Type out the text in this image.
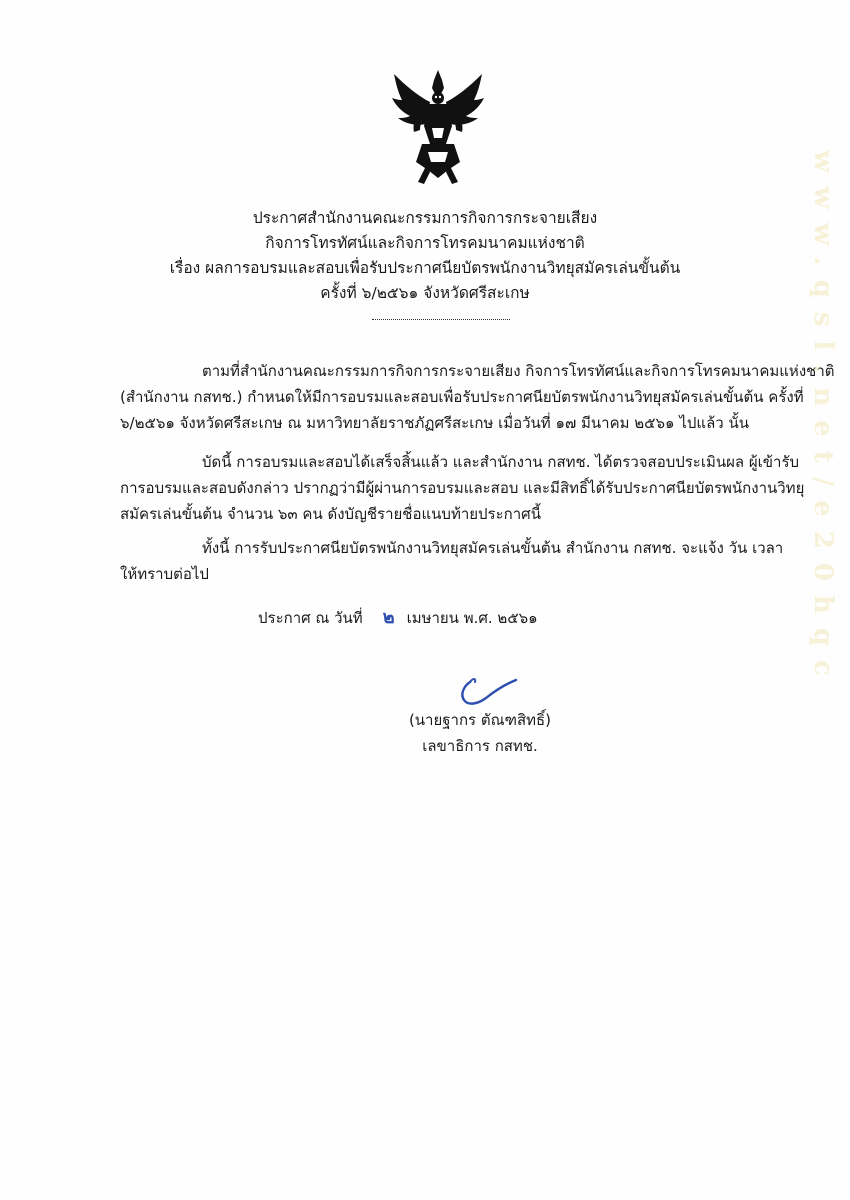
ประกาศสำนักงานคณะกรรมการกิจการกระจายเสียง
กิจการโทรทัศน์และกิจการโทรคมนาคมแห่งชาติ
เรื่อง ผลการอบรมและสอบเพื่อรับประกาศนียบัตรพนักงานวิทยุสมัครเล่นขั้นต้น
ครั้งที่ ๖/๒๕๖๑ จังหวัดศรีสะเกษ
ตามที่สำนักงานคณะกรรมการกิจการกระจายเสียง กิจการโทรทัศน์และกิจการโทรคมนาคมแห่งชาติ
(สำนักงาน กสทช.) กำหนดให้มีการอบรมและสอบเพื่อรับประกาศนียบัตรพนักงานวิทยุสมัครเล่นขั้นต้น ครั้งที่
๖/๒๕๖๑ จังหวัดศรีสะเกษ ณ มหาวิทยาลัยราชภัฏศรีสะเกษ เมื่อวันที่ ๑๗ มีนาคม ๒๕๖๑ ไปแล้ว นั้น
บัดนี้ การอบรมและสอบได้เสร็จสิ้นแล้ว และสำนักงาน กสทช. ได้ตรวจสอบประเมินผล ผู้เข้ารับ
การอบรมและสอบดังกล่าว ปรากฏว่ามีผู้ผ่านการอบรมและสอบ และมีสิทธิ์ได้รับประกาศนียบัตรพนักงานวิทยุ
สมัครเล่นขั้นต้น จำนวน ๖๓ คน ดังบัญชีรายชื่อแนบท้ายประกาศนี้
ทั้งนี้ การรับประกาศนียบัตรพนักงานวิทยุสมัครเล่นขั้นต้น สำนักงาน กสทช. จะแจ้ง วัน เวลา
ให้ทราบต่อไป
ประกาศ ณ วันที่ ๒ เมษายน พ.ศ. ๒๕๖๑
(นายฐากร ตัณฑสิทธิ์)
เลขาธิการ กสทช.
www.qsl.net/e20hqc
